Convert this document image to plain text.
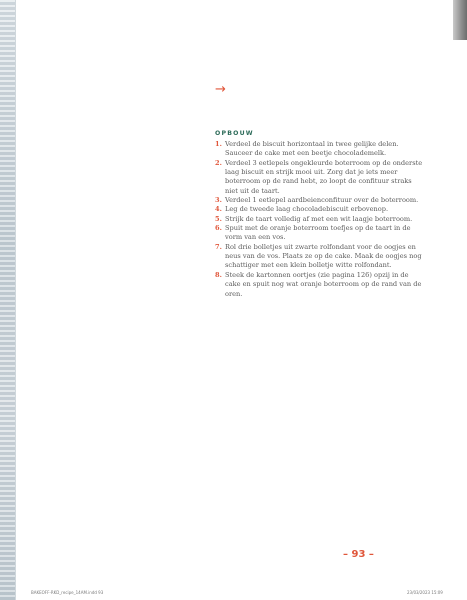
→
OPBOUW
1. Verdeel de biscuit horizontaal in twee gelijke delen. Sauceer de cake met een beetje chocolademelk.
2. Verdeel 3 eetlepels ongekleurde boterroom op de onderste laag biscuit en strijk mooi uit. Zorg dat je iets meer boterroom op de rand hebt, zo loopt de confituur straks niet uit de taart.
3. Verdeel 1 eetlepel aardbeienconfituur over de boterroom.
4. Leg de tweede laag chocoladebiscuit erbovenop.
5. Strijk de taart volledig af met een wit laagje boterroom.
6. Spuit met de oranje boterroom toefjes op de taart in de vorm van een vos.
7. Rol drie bolletjes uit zwarte rolfondant voor de oogjes en neus van de vos. Plaats ze op de cake. Maak de oogjes nog schattiger met een klein bolletje witte rolfondant.
8. Steek de kartonnen oortjes (zie pagina 126) opzij in de cake en spuit nog wat oranje boterroom op de rand van de oren.
– 93 –
BAKEOFF-RKD_recipe_14AM.indd 93	23/03/2023 15:09
